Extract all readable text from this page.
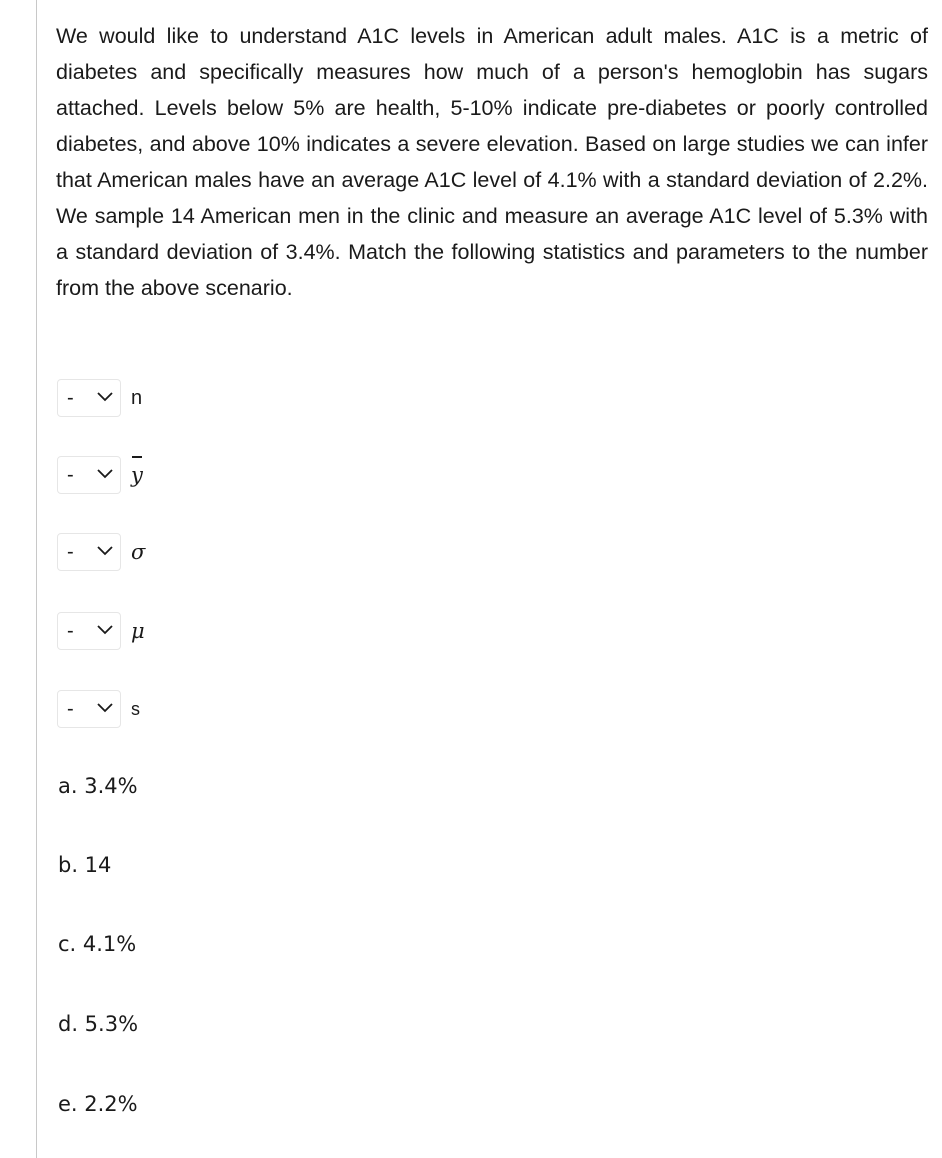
We would like to understand A1C levels in American adult males. A1C is a metric of diabetes and specifically measures how much of a person's hemoglobin has sugars attached. Levels below 5% are health, 5-10% indicate pre-diabetes or poorly controlled diabetes, and above 10% indicates a severe elevation. Based on large studies we can infer that American males have an average A1C level of 4.1% with a standard deviation of 2.2%. We sample 14 American men in the clinic and measure an average A1C level of 5.3% with a standard deviation of 3.4%. Match the following statistics and parameters to the number from the above scenario.

-	n
-	y
-	σ
-	μ
-	s
a. 3.4%
b. 14
c. 4.1%
d. 5.3%
e. 2.2%
